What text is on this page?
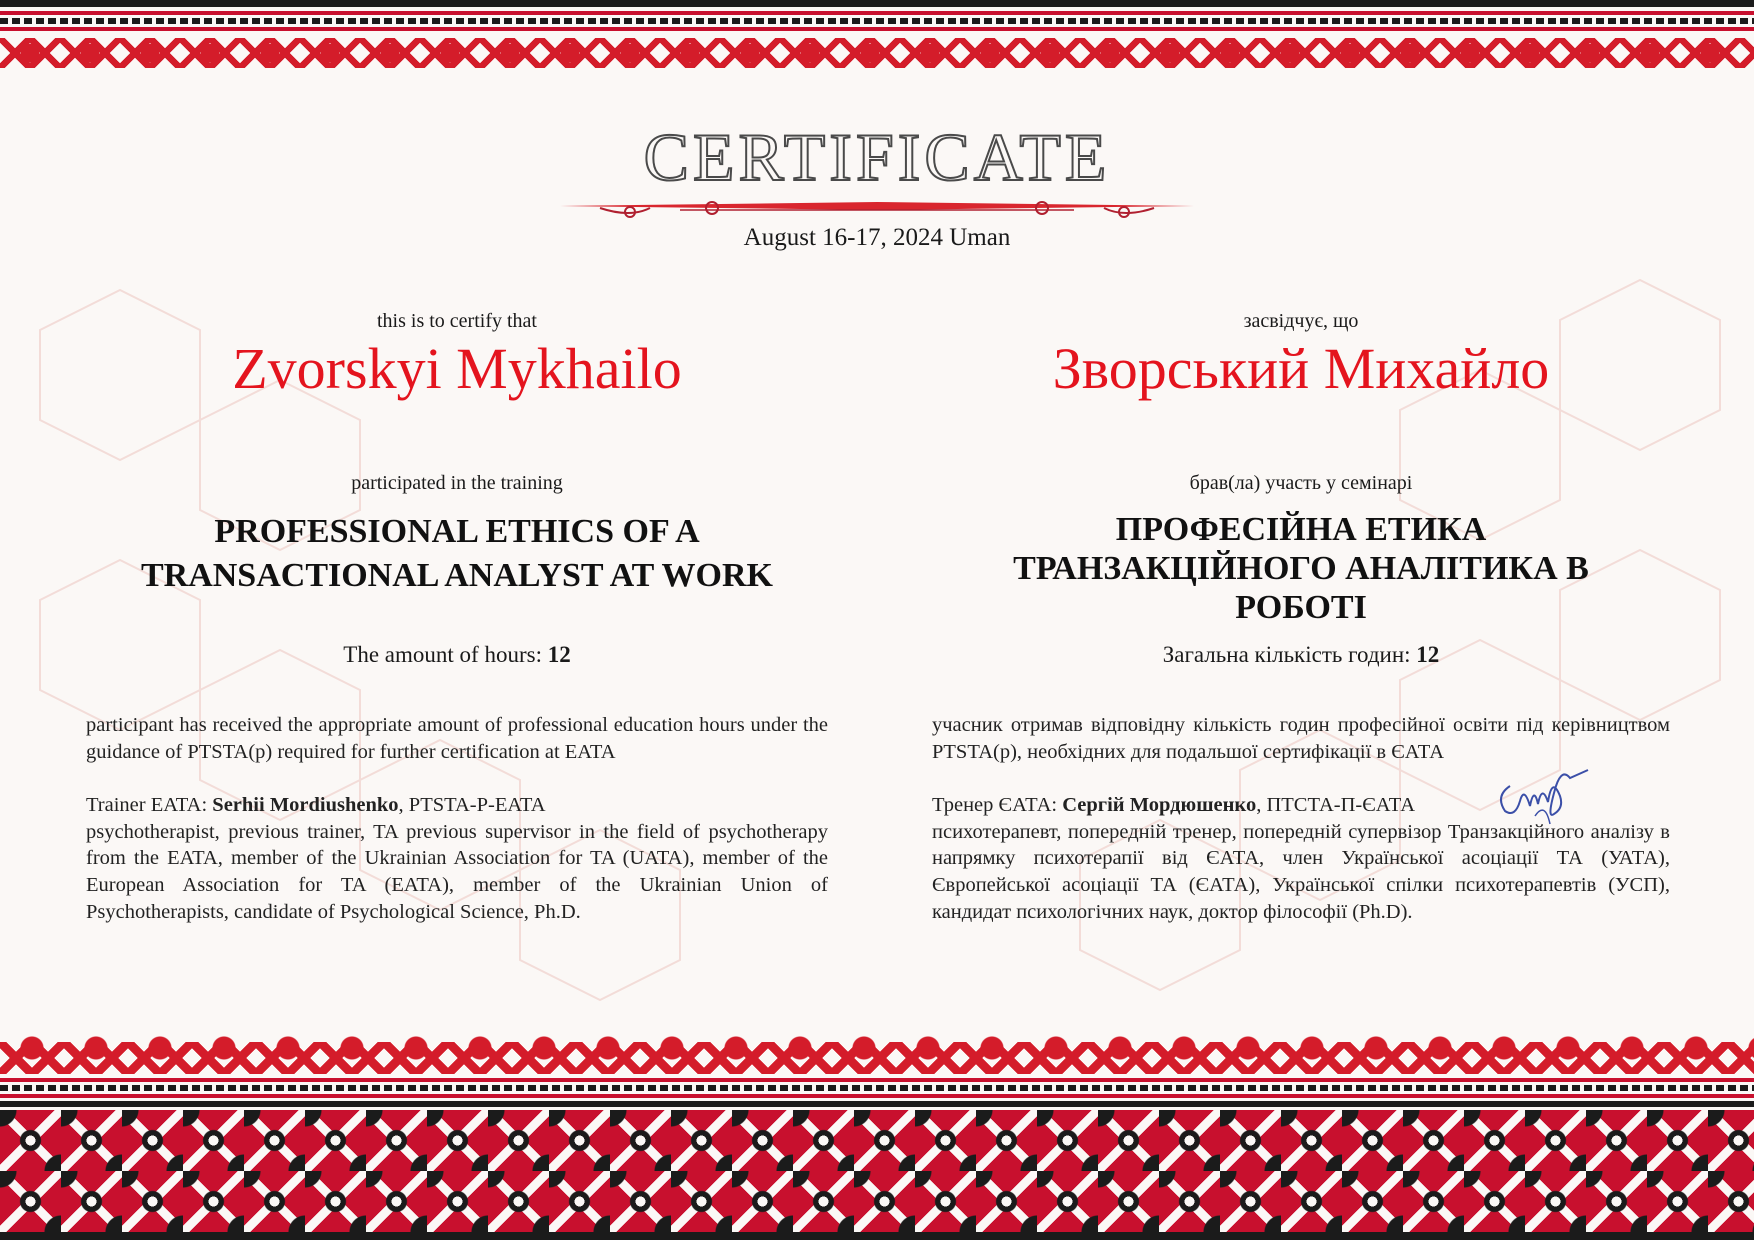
CERTIFICATE
August 16-17, 2024 Uman

this is to certify that

Zvorskyi Mykhailo

participated in the training
PROFESSIONAL ETHICS OF A
TRANSACTIONAL ANALYST AT WORK
The amount of hours: 12

participant has received the appropriate amount of professional education hours under the guidance of PTSTA(p) required for further certification at EATA

Trainer EATA: Serhii Mordiushenko, PTSTA-P-EATA

psychotherapist, previous trainer, TA previous supervisor in the field of psychotherapy from the EATA, member of the Ukrainian Association for TA (UATA), member of the European Association for TA (EATA), member of the Ukrainian Union of Psychotherapists, candidate of Psychological Science, Ph.D.

засвідчує, що

Зворський Михайло

брав(ла) участь у семінарі
ПРОФЕСІЙНА ЕТИКА
ТРАНЗАКЦІЙНОГО АНАЛІТИКА В
РОБОТІ
Загальна кількість годин: 12

учасник отримав відповідну кількість годин професійної освіти під керівництвом PTSTA(p), необхідних для подальшої сертифікації в ЄАТА

Тренер ЄАТА: Сергій Мордюшенко, ПТСТА-П-ЄАТА

психотерапевт, попередній тренер, попередній супервізор Транзакційного аналізу в напрямку психотерапії від ЄАТА, член Української асоціації ТА (УАТА), Європейської асоціації ТА (ЄАТА), Української спілки психотерапевтів (УСП), кандидат психологічних наук, доктор філософії (Ph.D).
